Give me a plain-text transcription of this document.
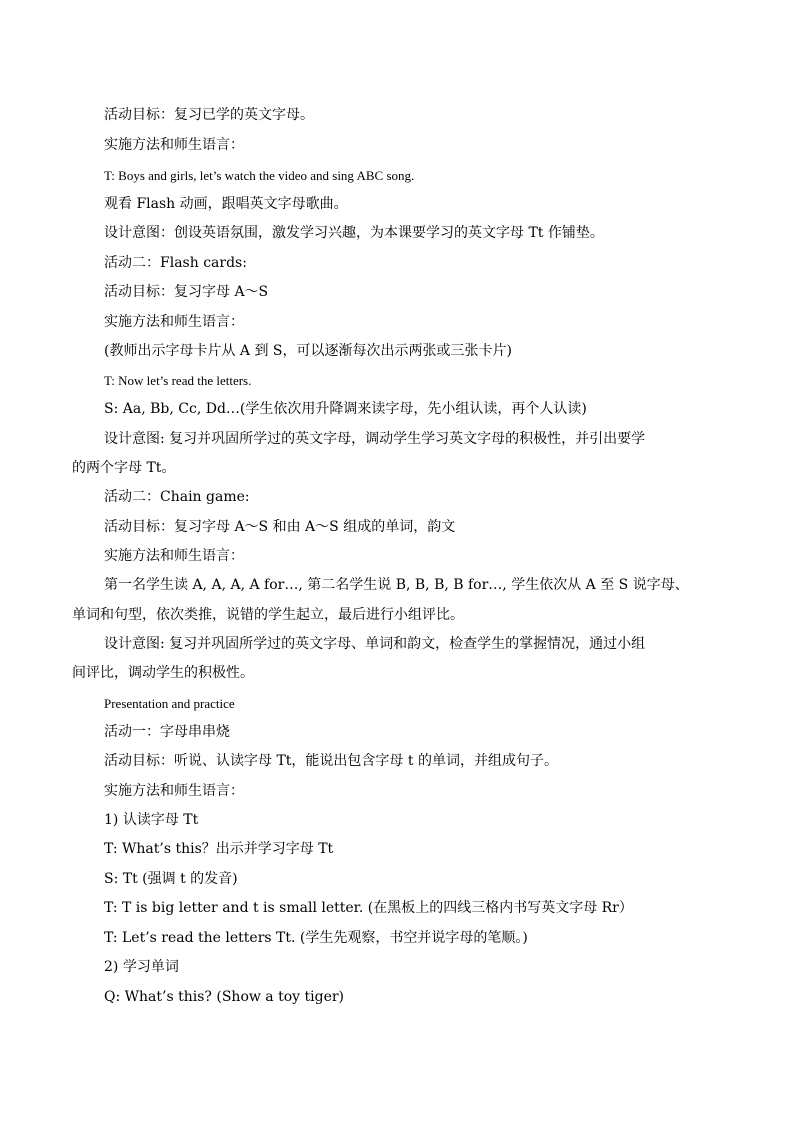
活动目标：复习已学的英文字母。
实施方法和师生语言：
T: Boys and girls, let’s watch the video and sing ABC song.
观看 Flash 动画，跟唱英文字母歌曲。
设计意图：创设英语氛围，激发学习兴趣，为本课要学习的英文字母 Tt 作铺垫。
活动二：Flash cards:
活动目标：复习字母 A～S
实施方法和师生语言：
(教师出示字母卡片从 A 到 S，可以逐渐每次出示两张或三张卡片)
T: Now let’s read the letters.
S: Aa, Bb, Cc, Dd…(学生依次用升降调来读字母，先小组认读，再个人认读)
设计意图: 复习并巩固所学过的英文字母，调动学生学习英文字母的积极性，并引出要学
的两个字母 Tt。
活动二：Chain game:
活动目标：复习字母 A～S 和由 A～S 组成的单词，韵文
实施方法和师生语言：
第一名学生读 A, A, A, A for…, 第二名学生说 B, B, B, B for…, 学生依次从 A 至 S 说字母、
单词和句型，依次类推，说错的学生起立，最后进行小组评比。
设计意图: 复习并巩固所学过的英文字母、单词和韵文，检查学生的掌握情况，通过小组
间评比，调动学生的积极性。
Presentation and practice
活动一：字母串串烧
活动目标：听说、认读字母 Tt，能说出包含字母 t 的单词，并组成句子。
实施方法和师生语言：
1) 认读字母 Tt
T: What’s this？出示并学习字母 Tt
S: Tt (强调 t 的发音)
T: T is big letter and t is small letter. (在黑板上的四线三格内书写英文字母 Rr）
T: Let’s read the letters Tt. (学生先观察，书空并说字母的笔顺。)
2) 学习单词
Q: What’s this? (Show a toy tiger)
